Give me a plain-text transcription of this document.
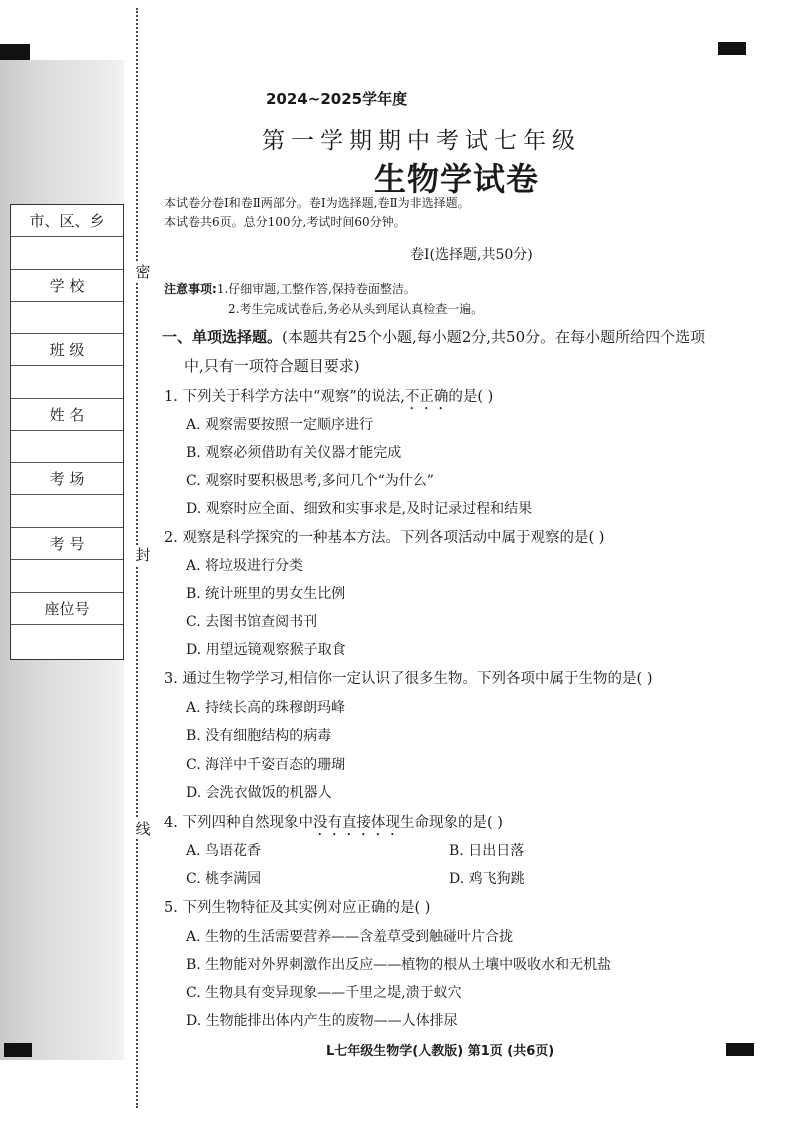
密
封
线
市、区、乡
学 校
班 级
姓 名
考 场
考 号
座位号
2024~2025学年度
第一学期期中考试七年级
生物学试卷
本试卷分卷Ⅰ和卷Ⅱ两部分。卷Ⅰ为选择题,卷Ⅱ为非选择题。
本试卷共6页。总分100分,考试时间60分钟。
卷Ⅰ(选择题,共50分)
注意事项:1.仔细审题,工整作答,保持卷面整洁。
2.考生完成试卷后,务必从头到尾认真检查一遍。
一、单项选择题。(本题共有25个小题,每小题2分,共50分。在每小题所给四个选项
中,只有一项符合题目要求)
1. 下列关于科学方法中“观察”的说法,不正确的是( )
A. 观察需要按照一定顺序进行
B. 观察必须借助有关仪器才能完成
C. 观察时要积极思考,多问几个“为什么”
D. 观察时应全面、细致和实事求是,及时记录过程和结果
2. 观察是科学探究的一种基本方法。下列各项活动中属于观察的是( )
A. 将垃圾进行分类
B. 统计班里的男女生比例
C. 去图书馆查阅书刊
D. 用望远镜观察猴子取食
3. 通过生物学学习,相信你一定认识了很多生物。下列各项中属于生物的是( )
A. 持续长高的珠穆朗玛峰
B. 没有细胞结构的病毒
C. 海洋中千姿百态的珊瑚
D. 会洗衣做饭的机器人
4. 下列四种自然现象中没有直接体现生命现象的是( )
A. 鸟语花香	B. 日出日落
C. 桃李满园	D. 鸡飞狗跳
5. 下列生物特征及其实例对应正确的是( )
A. 生物的生活需要营养——含羞草受到触碰叶片合拢
B. 生物能对外界刺激作出反应——植物的根从土壤中吸收水和无机盐
C. 生物具有变异现象——千里之堤,溃于蚁穴
D. 生物能排出体内产生的废物——人体排尿
L七年级生物学(人教版) 第1页 (共6页)
